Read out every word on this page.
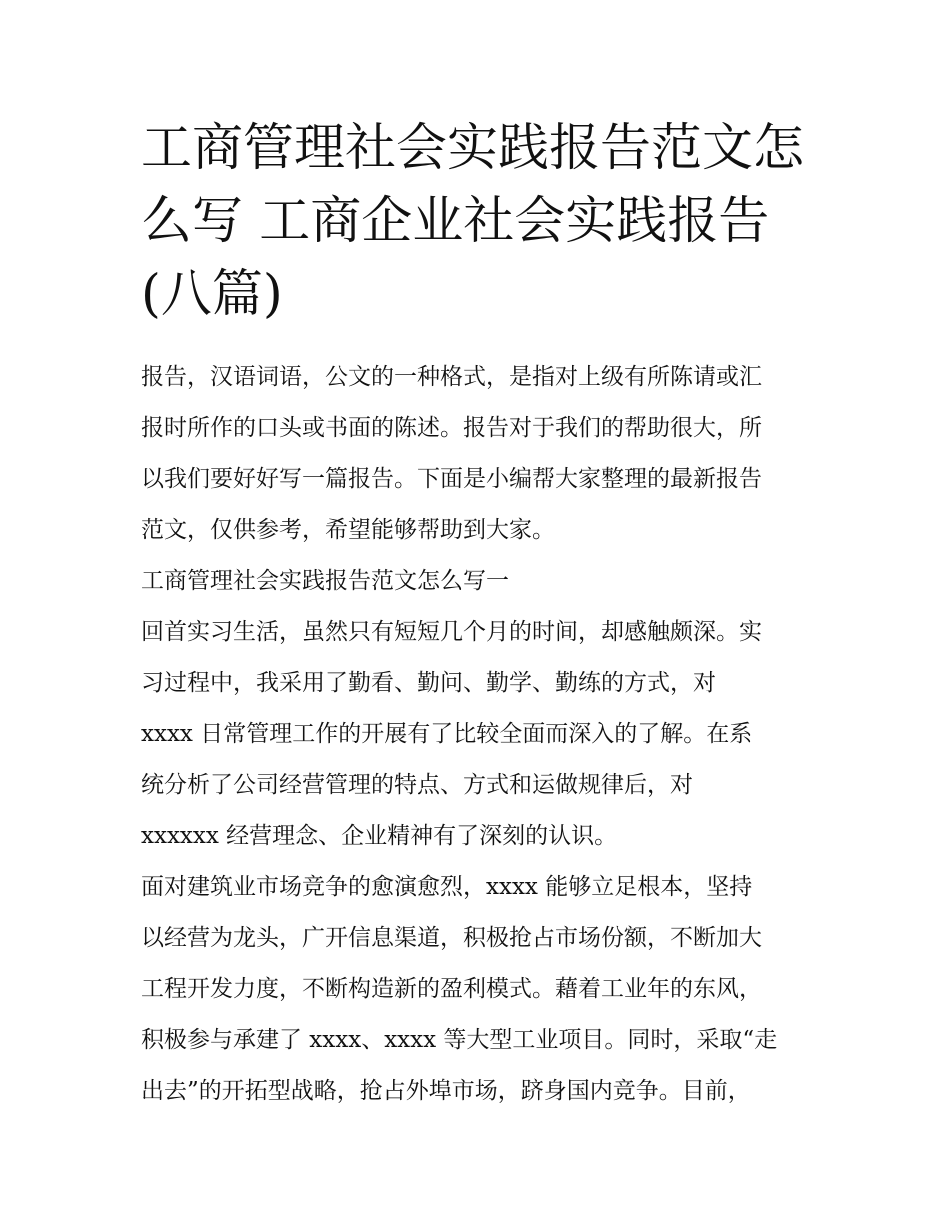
工商管理社会实践报告范文怎
么写 工商企业社会实践报告
(八篇)
报告，汉语词语，公文的一种格式，是指对上级有所陈请或汇
报时所作的口头或书面的陈述。报告对于我们的帮助很大，所
以我们要好好写一篇报告。下面是小编帮大家整理的最新报告
范文，仅供参考，希望能够帮助到大家。
工商管理社会实践报告范文怎么写一
回首实习生活，虽然只有短短几个月的时间，却感触颇深。实
习过程中，我采用了勤看、勤问、勤学、勤练的方式，对
xxxx 日常管理工作的开展有了比较全面而深入的了解。在系
统分析了公司经营管理的特点、方式和运做规律后，对
xxxxxx 经营理念、企业精神有了深刻的认识。
面对建筑业市场竞争的愈演愈烈，xxxx 能够立足根本，坚持
以经营为龙头，广开信息渠道，积极抢占市场份额，不断加大
工程开发力度，不断构造新的盈利模式。藉着工业年的东风，
积极参与承建了 xxxx、xxxx 等大型工业项目。同时，采取“走
出去”的开拓型战略，抢占外埠市场，跻身国内竞争。目前，
